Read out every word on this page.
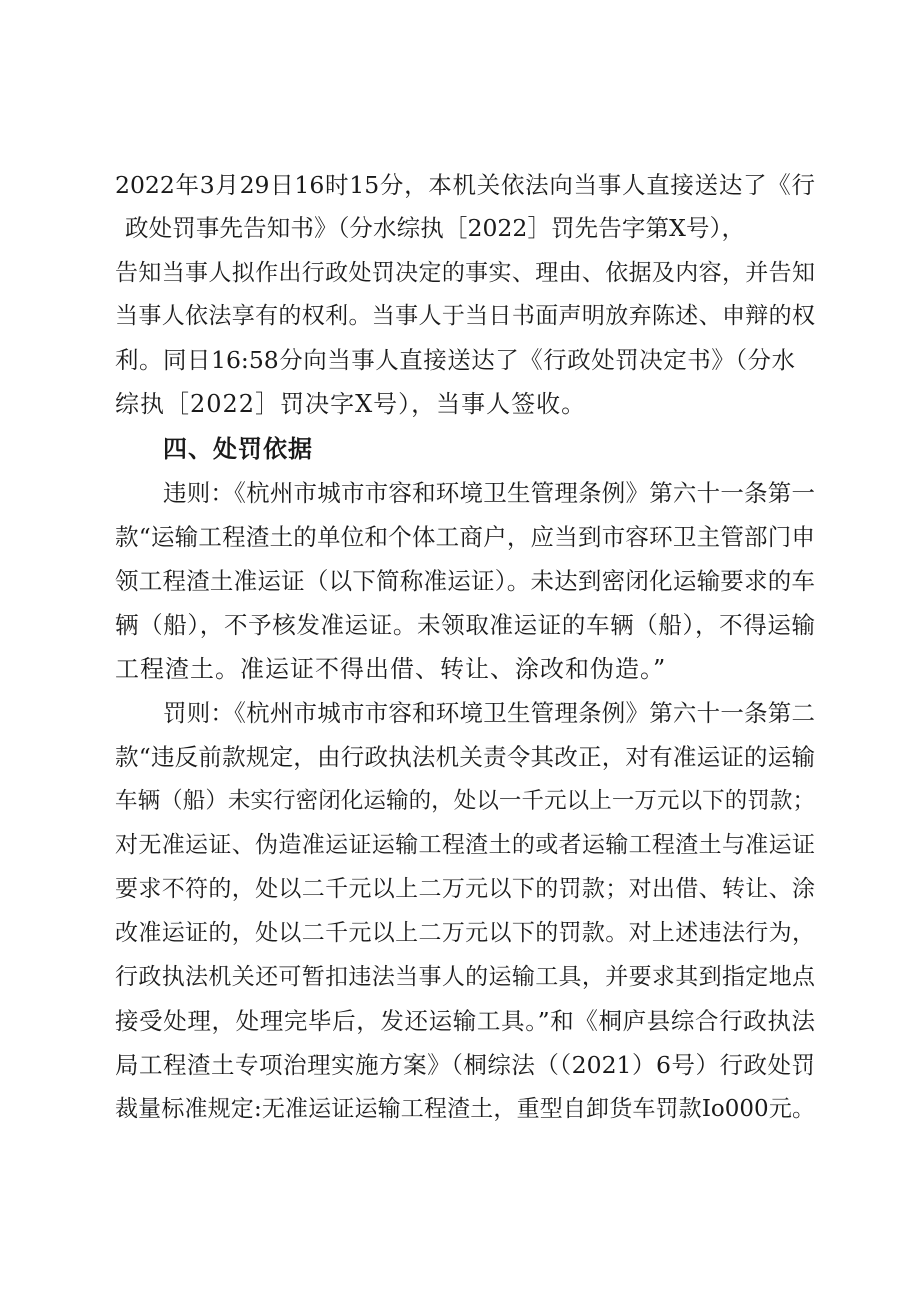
2022年3月29日16时15分，本机关依法向当事人直接送达了《行
政处罚事先告知书》（分水综执［2022］罚先告字第X号），
告知当事人拟作出行政处罚决定的事实、理由、依据及内容，并告知
当事人依法享有的权利。当事人于当日书面声明放弃陈述、申辩的权
利。同日16:58分向当事人直接送达了《行政处罚决定书》（分水
综执［2022］罚决字X号），当事人签收。
四、处罚依据
违则：《杭州市城市市容和环境卫生管理条例》第六十一条第一
款“运输工程渣土的单位和个体工商户，应当到市容环卫主管部门申
领工程渣土准运证（以下简称准运证）。未达到密闭化运输要求的车
辆（船），不予核发准运证。未领取准运证的车辆（船），不得运输
工程渣土。准运证不得出借、转让、涂改和伪造。”
罚则：《杭州市城市市容和环境卫生管理条例》第六十一条第二
款“违反前款规定，由行政执法机关责令其改正，对有准运证的运输
车辆（船）未实行密闭化运输的，处以一千元以上一万元以下的罚款；
对无准运证、伪造准运证运输工程渣土的或者运输工程渣土与准运证
要求不符的，处以二千元以上二万元以下的罚款；对出借、转让、涂
改准运证的，处以二千元以上二万元以下的罚款。对上述违法行为，
行政执法机关还可暂扣违法当事人的运输工具，并要求其到指定地点
接受处理，处理完毕后，发还运输工具。”和《桐庐县综合行政执法
局工程渣土专项治理实施方案》（桐综法（（2021）6号）行政处罚
裁量标准规定:无准运证运输工程渣土，重型自卸货车罚款Io000元。
